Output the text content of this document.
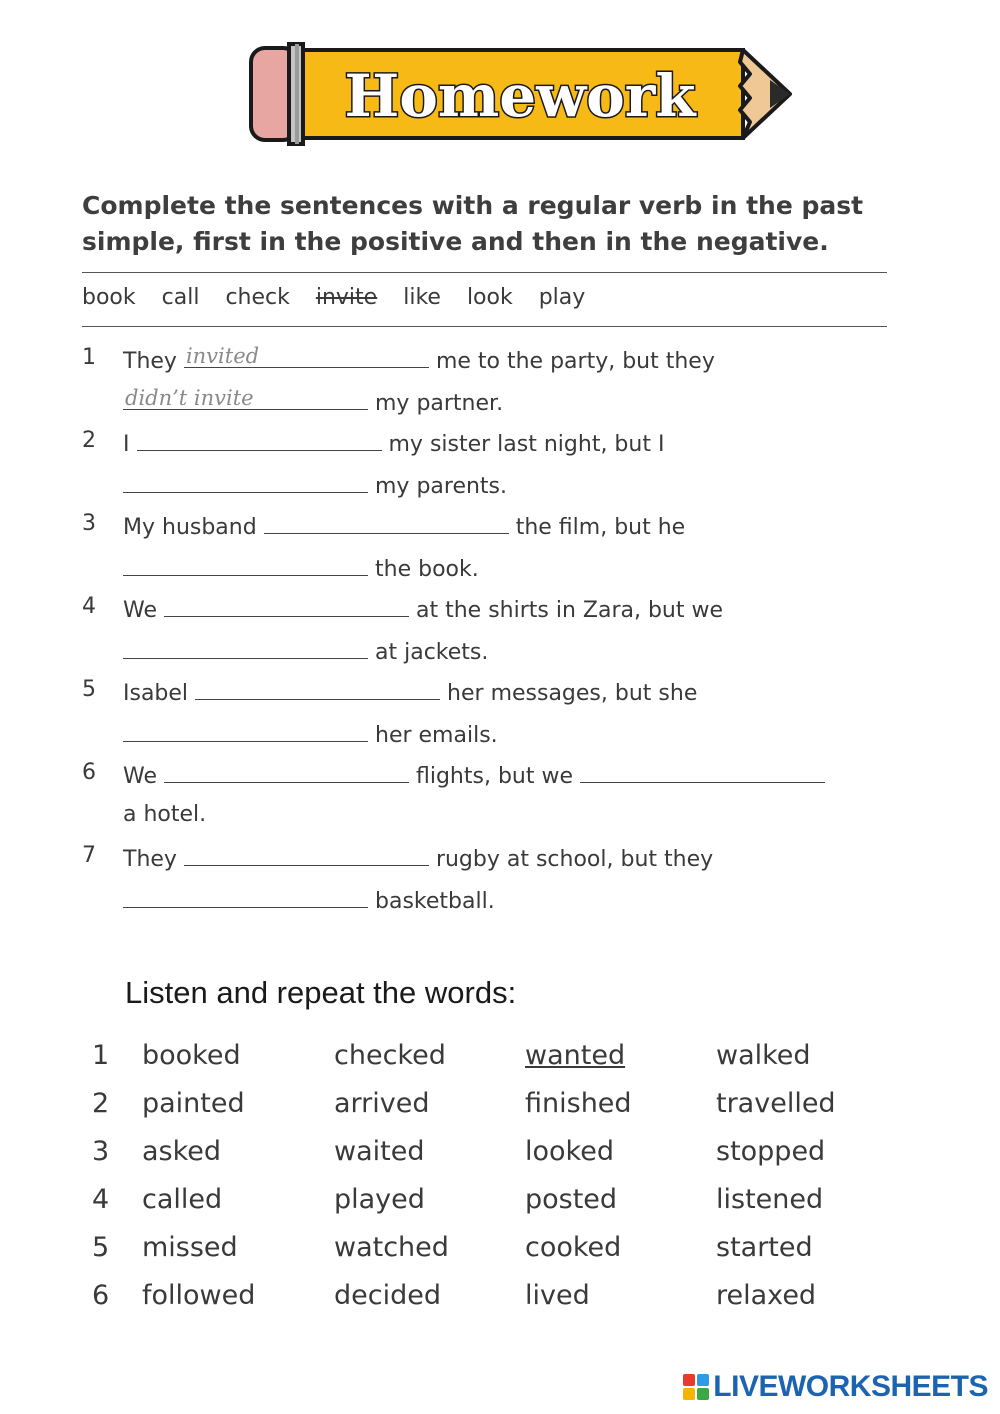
Homework
Complete the sentences with a regular verb in the past simple, first in the positive and then in the negative.
book call check invite like look play
1 They invited	me to the party, but they
didn’t invite	my partner.
2 I	my sister last night, but I
my parents.
3 My husband	the film, but he
the book.
4 We	at the shirts in Zara, but we
at jackets.
5 Isabel	her messages, but she
her emails.
6 We	flights, but we
a hotel.
7 They	rugby at school, but they
basketball.
Listen and repeat the words:
1 booked	checked	wanted	walked
2 painted	arrived	finished	travelled
3 asked	waited	looked	stopped
4 called	played	posted	listened
5 missed	watched	cooked	started
6 followed	decided	lived	relaxed
LIVEWORKSHEETS
